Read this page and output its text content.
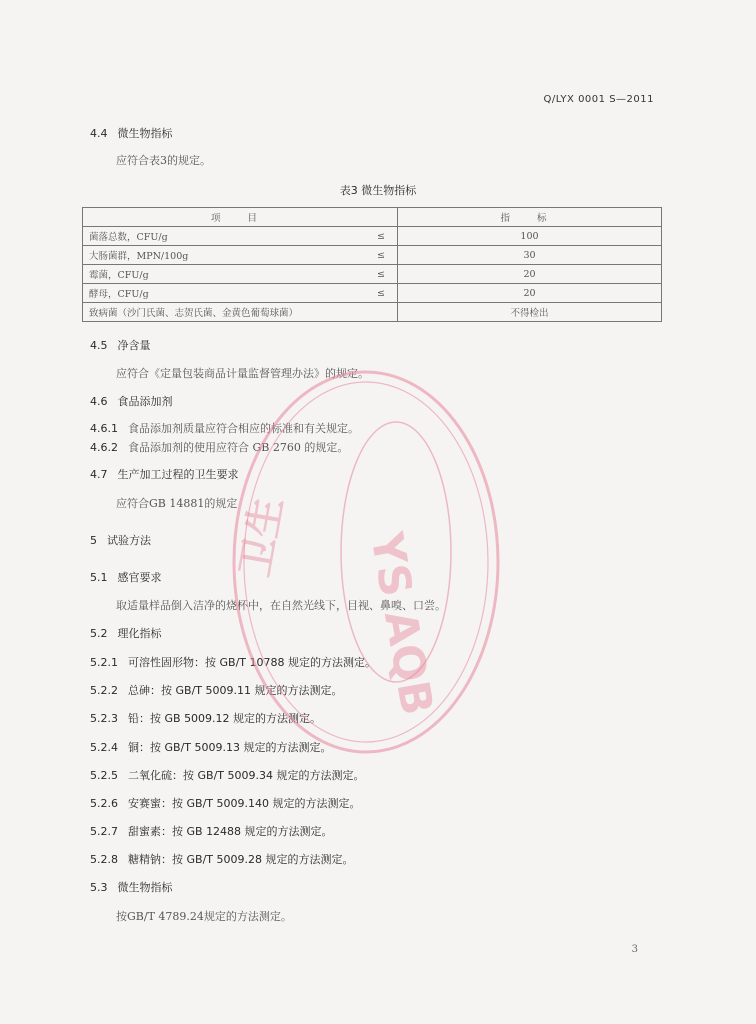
Q/LYX 0001 S—2011
4.4 微生物指标
应符合表3的规定。
表3 微生物指标
项 目		指 标
菌落总数，CFU/g	≤	100
大肠菌群，MPN/100g	≤	30
霉菌，CFU/g	≤	20
酵母，CFU/g	≤	20
致病菌（沙门氏菌、志贺氏菌、金黄色葡萄球菌）		不得检出
4.5 净含量
应符合《定量包装商品计量监督管理办法》的规定。
4.6 食品添加剂
4.6.1 食品添加剂质量应符合相应的标准和有关规定。
4.6.2 食品添加剂的使用应符合 GB 2760 的规定。
4.7 生产加工过程的卫生要求
应符合GB 14881的规定
5 试验方法
5.1 感官要求
取适量样品倒入洁净的烧杯中，在自然光线下，目视、鼻嗅、口尝。
5.2 理化指标
5.2.1 可溶性固形物：按 GB/T 10788 规定的方法测定。
5.2.2 总砷：按 GB/T 5009.11 规定的方法测定。
5.2.3 铅：按 GB 5009.12 规定的方法测定。
5.2.4 铜：按 GB/T 5009.13 规定的方法测定。
5.2.5 二氧化硫：按 GB/T 5009.34 规定的方法测定。
5.2.6 安赛蜜：按 GB/T 5009.140 规定的方法测定。
5.2.7 甜蜜素：按 GB 12488 规定的方法测定。
5.2.8 糖精钠：按 GB/T 5009.28 规定的方法测定。
5.3 微生物指标
按GB/T 4789.24规定的方法测定。
3
卫生 YS AQB
